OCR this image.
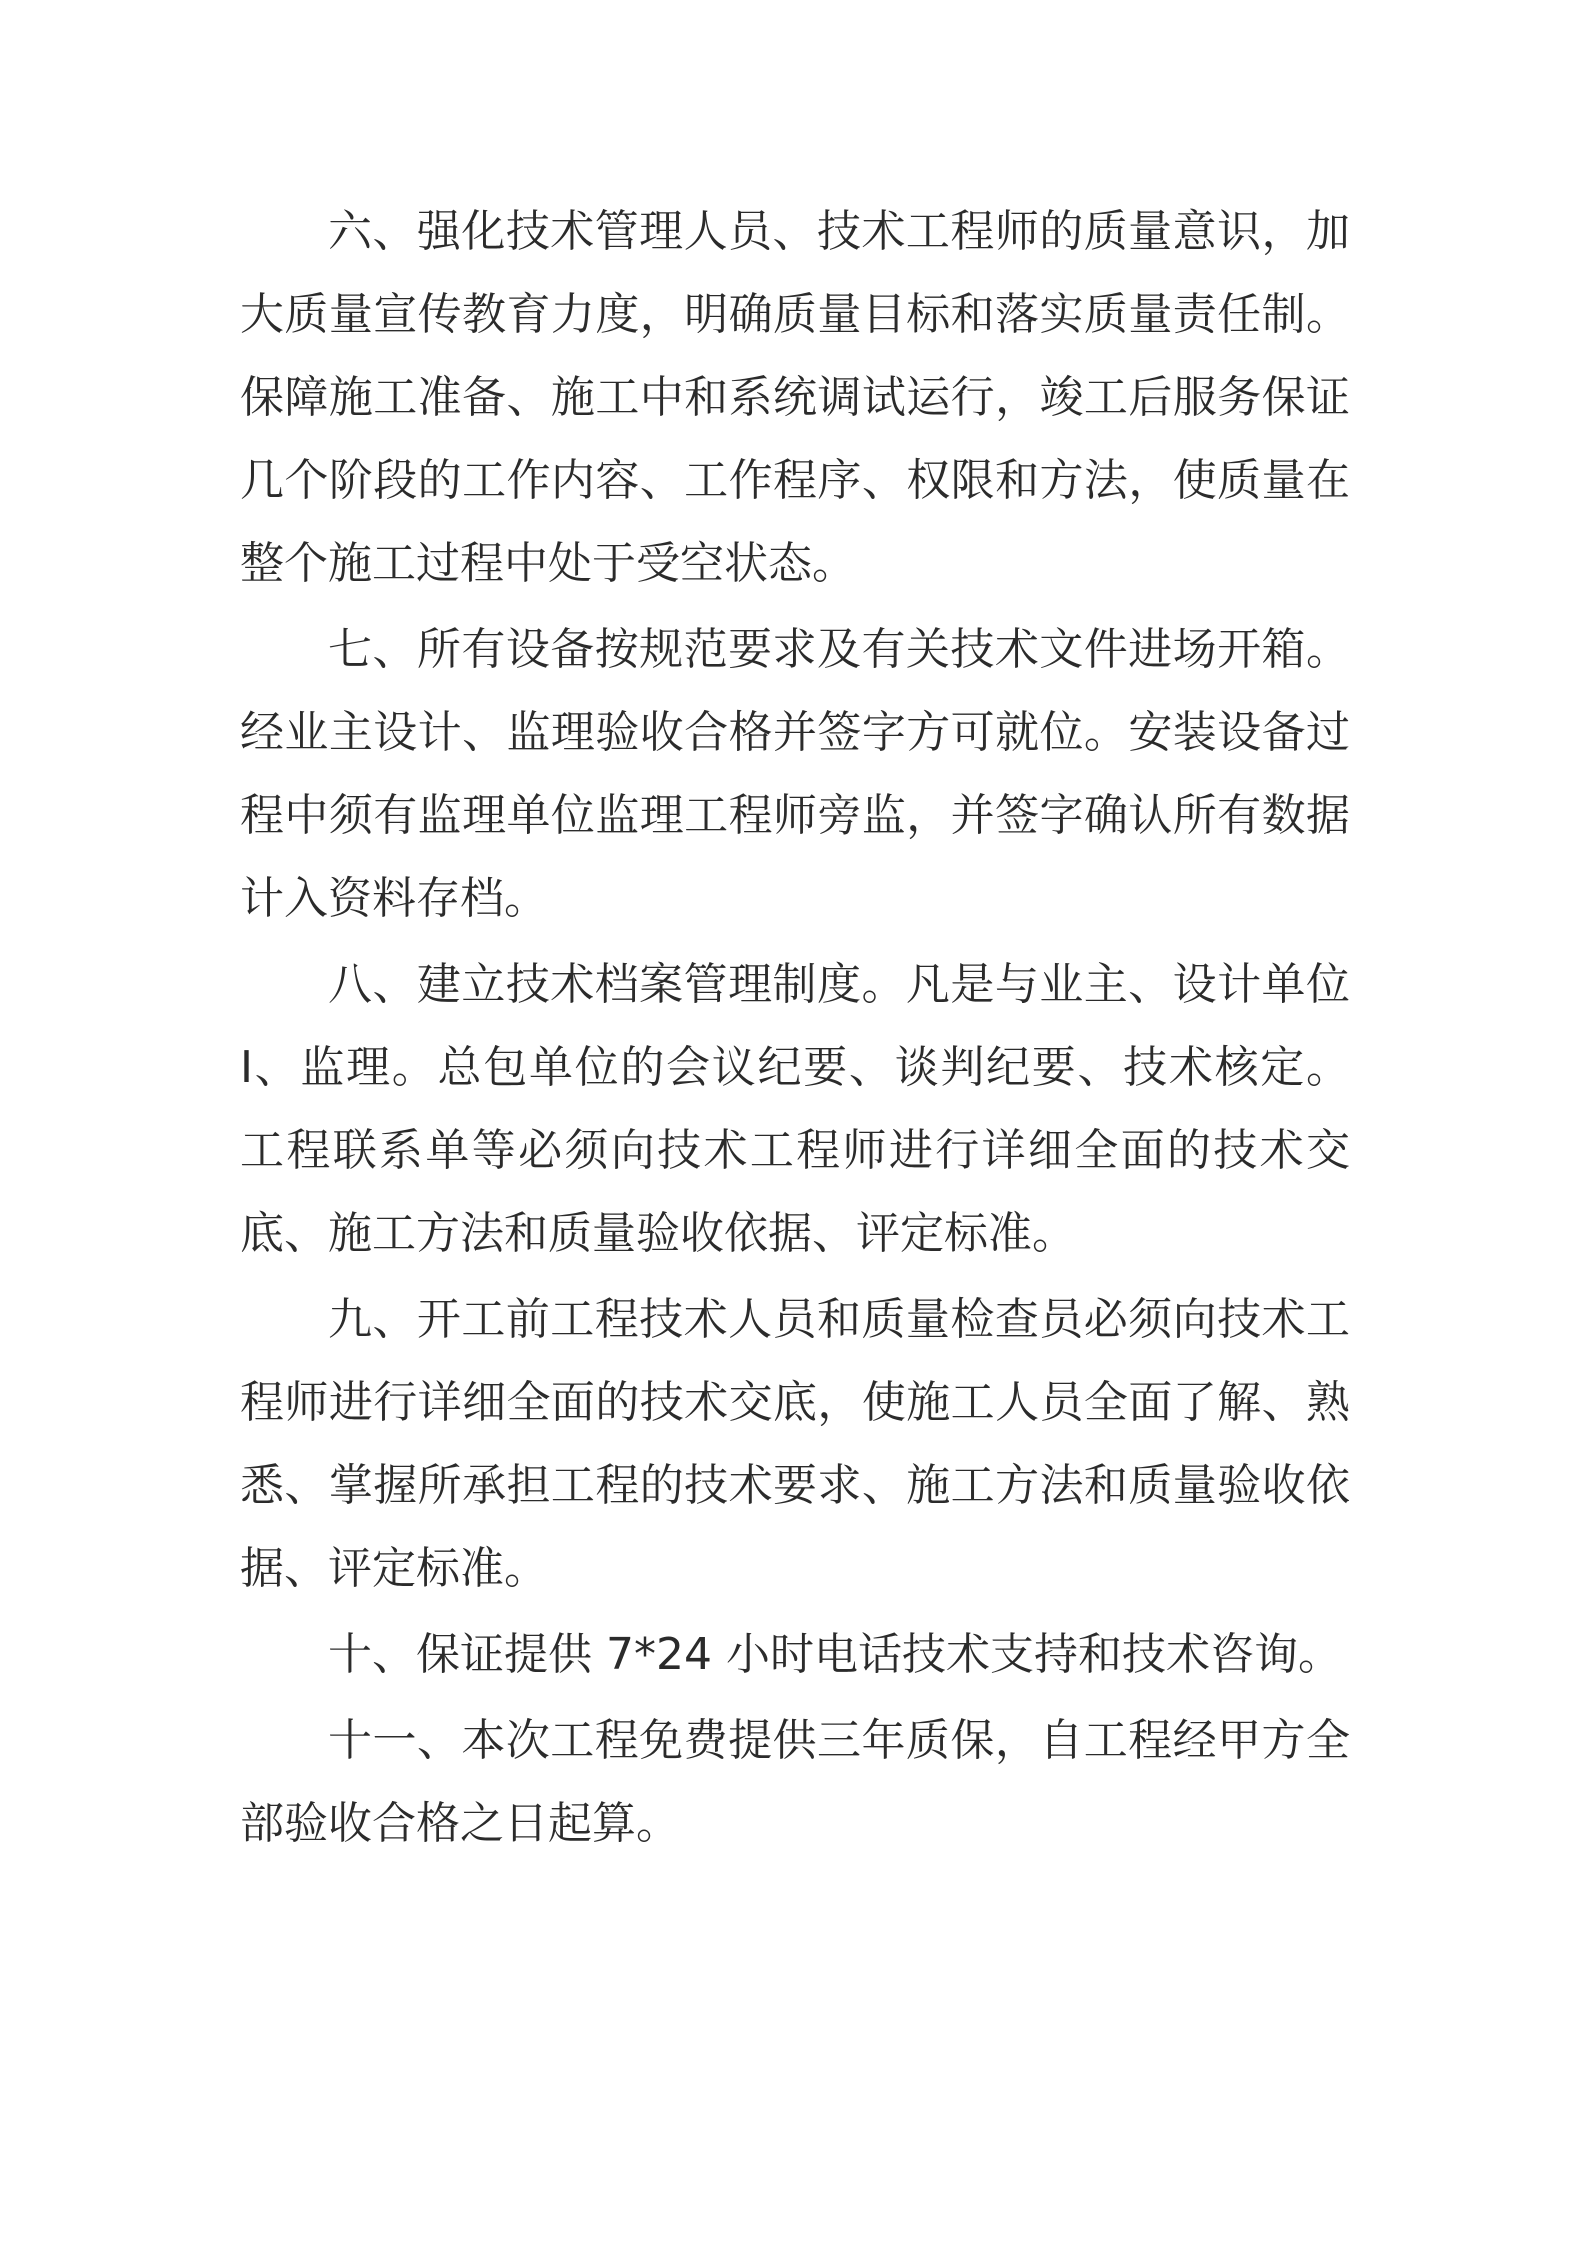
六、强化技术管理人员、技术工程师的质量意识，加大质量宣传教育力度，明确质量目标和落实质量责任制。保障施工准备、施工中和系统调试运行，竣工后服务保证几个阶段的工作内容、工作程序、权限和方法，使质量在整个施工过程中处于受空状态。

七、所有设备按规范要求及有关技术文件进场开箱。经业主设计、监理验收合格并签字方可就位。安装设备过程中须有监理单位监理工程师旁监，并签字确认所有数据计入资料存档。

八、建立技术档案管理制度。凡是与业主、设计单位 I、监理。总包单位的会议纪要、谈判纪要、技术核定。工程联系单等必须向技术工程师进行详细全面的技术交底、施工方法和质量验收依据、评定标准。

九、开工前工程技术人员和质量检查员必须向技术工程师进行详细全面的技术交底，使施工人员全面了解、熟悉、掌握所承担工程的技术要求、施工方法和质量验收依据、评定标准。

十、保证提供 7*24 小时电话技术支持和技术咨询。

十一、本次工程免费提供三年质保，自工程经甲方全部验收合格之日起算。
